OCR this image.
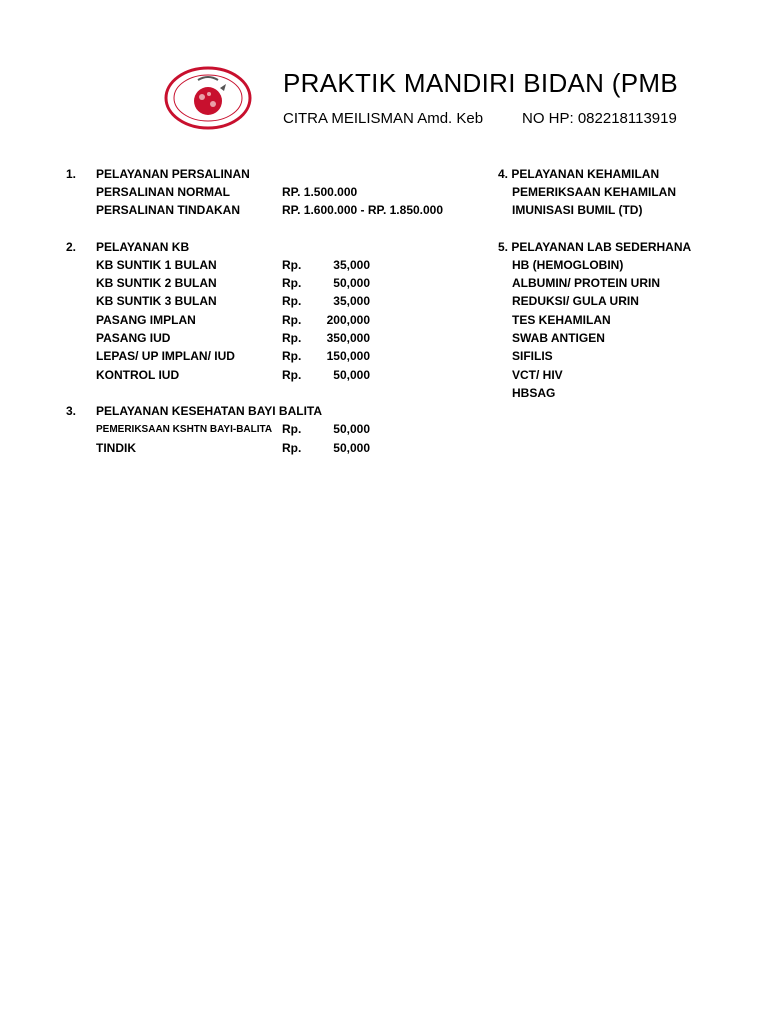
PRAKTIK MANDIRI BIDAN (PMB
CITRA MEILISMAN Amd. Keb	NO HP: 082218113919
1. PELAYANAN PERSALINAN
PERSALINAN NORMAL	RP. 1.500.000
PERSALINAN TINDAKAN	RP. 1.600.000 - RP. 1.850.000
2. PELAYANAN KB
KB SUNTIK 1 BULAN	Rp.	35,000
KB SUNTIK 2 BULAN	Rp.	50,000
KB SUNTIK 3 BULAN	Rp.	35,000
PASANG IMPLAN	Rp.	200,000
PASANG IUD	Rp.	350,000
LEPAS/ UP IMPLAN/ IUD	Rp.	150,000
KONTROL IUD	Rp.	50,000
3. PELAYANAN KESEHATAN BAYI BALITA
PEMERIKSAAN KSHTN BAYI-BALITA Rp.	50,000
TINDIK	Rp.	50,000
4. PELAYANAN KEHAMILAN
PEMERIKSAAN KEHAMILAN
IMUNISASI BUMIL (TD)
5. PELAYANAN LAB SEDERHANA
HB (HEMOGLOBIN)
ALBUMIN/ PROTEIN URIN
REDUKSI/ GULA URIN
TES KEHAMILAN
SWAB ANTIGEN
SIFILIS
VCT/ HIV
HBSAG
